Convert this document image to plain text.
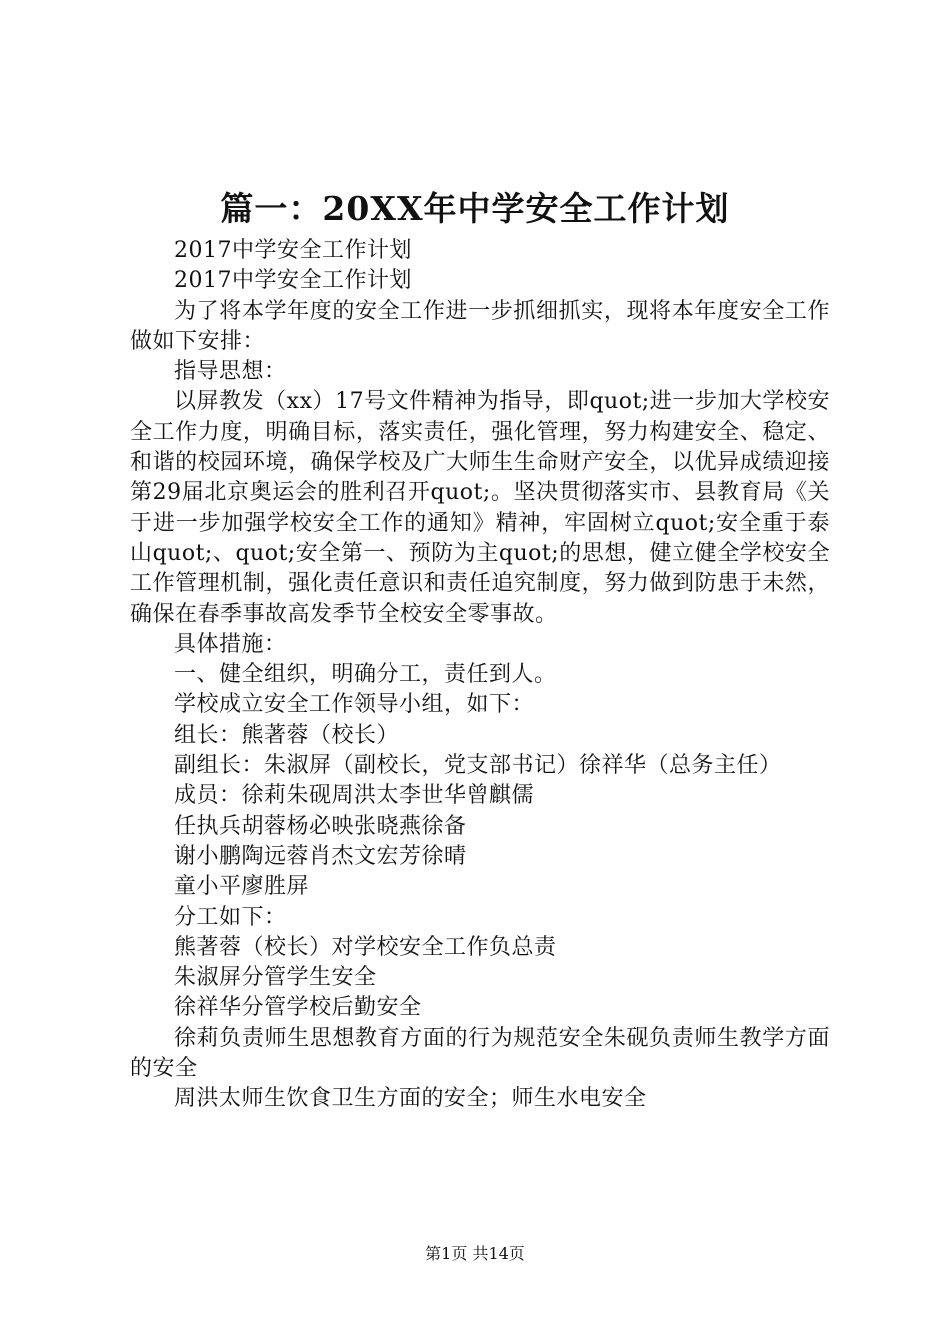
篇一：20XX年中学安全工作计划

2017中学安全工作计划

2017中学安全工作计划

为了将本学年度的安全工作进一步抓细抓实，现将本年度安全工作做如下安排：

指导思想：

以屏教发（xx）17号文件精神为指导，即quot;进一步加大学校安全工作力度，明确目标，落实责任，强化管理，努力构建安全、稳定、和谐的校园环境，确保学校及广大师生生命财产安全，以优异成绩迎接第29届北京奥运会的胜利召开quot;。坚决贯彻落实市、县教育局《关于进一步加强学校安全工作的通知》精神，牢固树立quot;安全重于泰山quot;、quot;安全第一、预防为主quot;的思想，健立健全学校安全工作管理机制，强化责任意识和责任追究制度，努力做到防患于未然，确保在春季事故高发季节全校安全零事故。

具体措施：

一、健全组织，明确分工，责任到人。

学校成立安全工作领导小组，如下：

组长：熊著蓉（校长）

副组长：朱淑屏（副校长，党支部书记）徐祥华（总务主任）

成员：徐莉朱砚周洪太李世华曾麒儒

任执兵胡蓉杨必映张晓燕徐备

谢小鹏陶远蓉肖杰文宏芳徐晴

童小平廖胜屏

分工如下：

熊著蓉（校长）对学校安全工作负总责

朱淑屏分管学生安全

徐祥华分管学校后勤安全

徐莉负责师生思想教育方面的行为规范安全朱砚负责师生教学方面的安全

周洪太师生饮食卫生方面的安全；师生水电安全

第1页 共14页
